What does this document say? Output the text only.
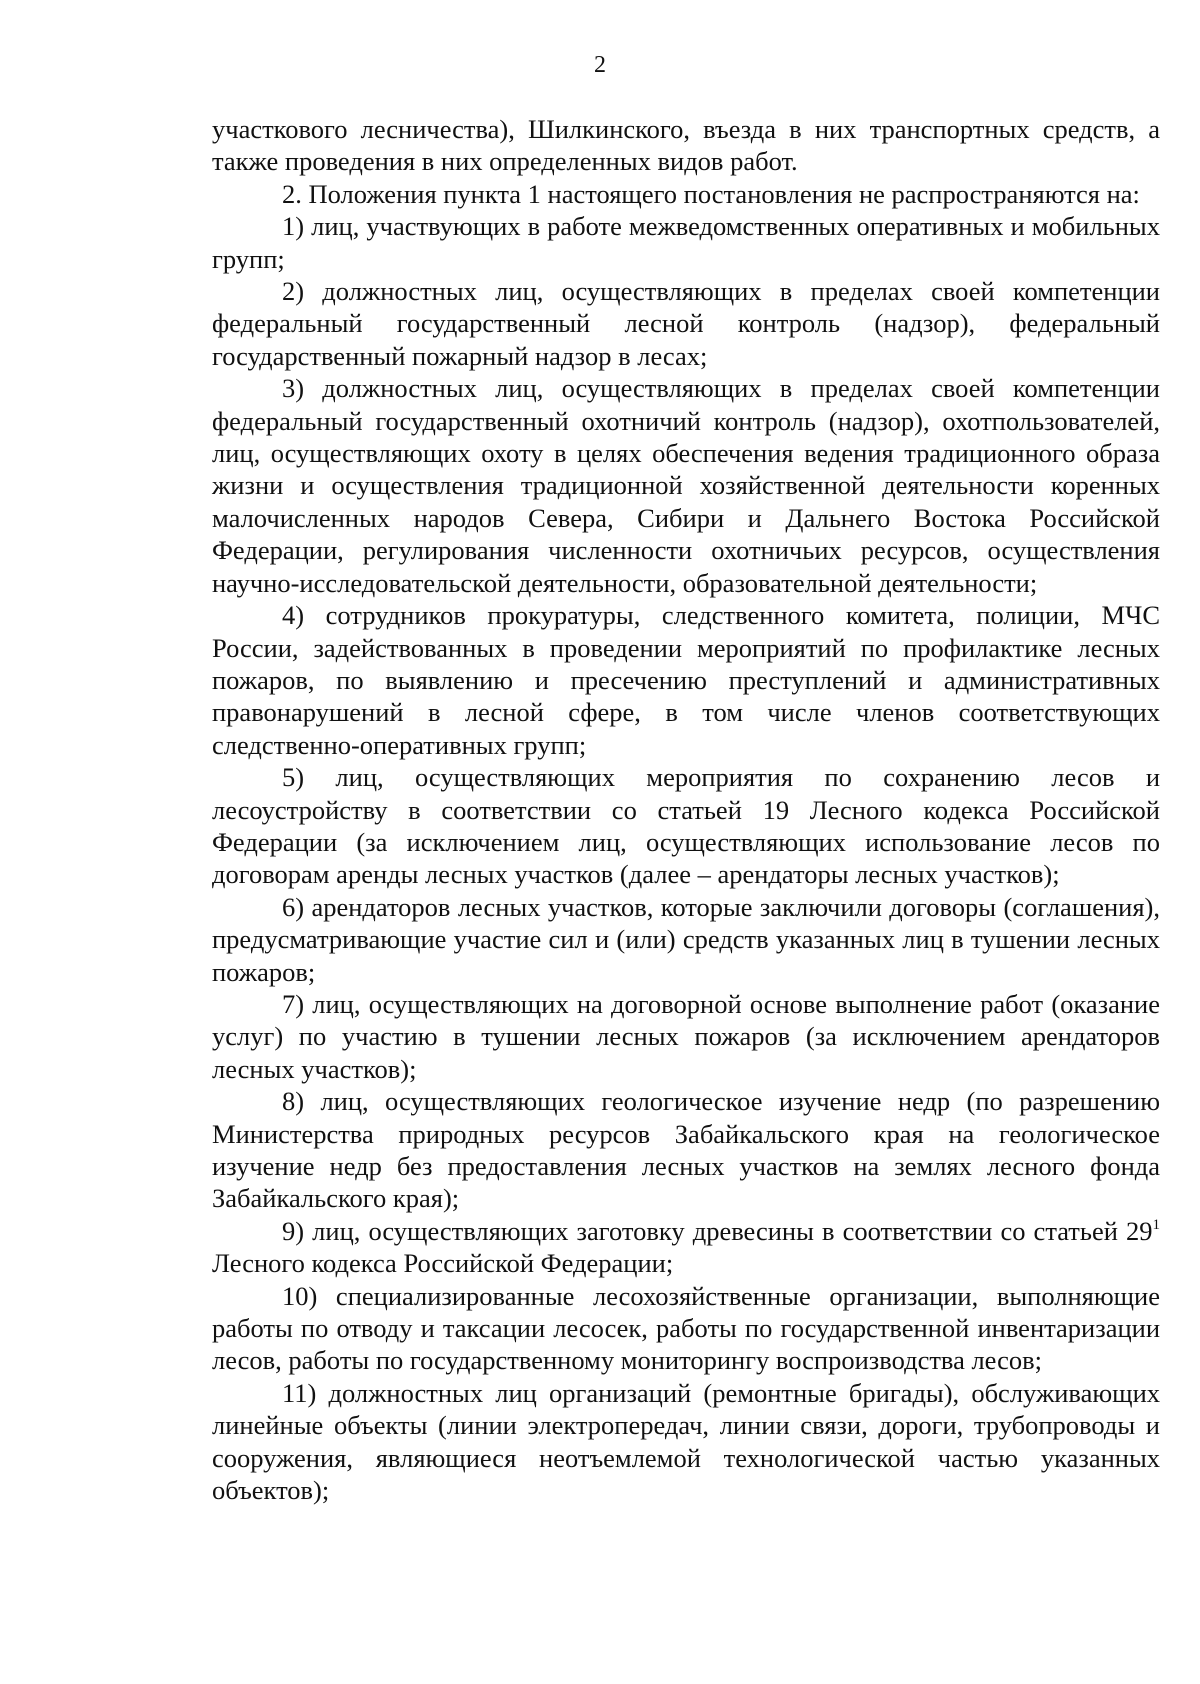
2

участкового лесничества), Шилкинского, въезда в них транспортных средств, а также проведения в них определенных видов работ.

2. Положения пункта 1 настоящего постановления не распространяются на:

1) лиц, участвующих в работе межведомственных оперативных и мобильных групп;

2) должностных лиц, осуществляющих в пределах своей компетенции федеральный государственный лесной контроль (надзор), федеральный государственный пожарный надзор в лесах;

3) должностных лиц, осуществляющих в пределах своей компетенции федеральный государственный охотничий контроль (надзор), охотпользователей, лиц, осуществляющих охоту в целях обеспечения ведения традиционного образа жизни и осуществления традиционной хозяйственной деятельности коренных малочисленных народов Севера, Сибири и Дальнего Востока Российской Федерации, регулирования численности охотничьих ресурсов, осуществления научно-исследовательской деятельности, образовательной деятельности;

4) сотрудников прокуратуры, следственного комитета, полиции, МЧС России, задействованных в проведении мероприятий по профилактике лесных пожаров, по выявлению и пресечению преступлений и административных правонарушений в лесной сфере, в том числе членов соответствующих следственно-оперативных групп;

5) лиц, осуществляющих мероприятия по сохранению лесов и лесоустройству в соответствии со статьей 19 Лесного кодекса Российской Федерации (за исключением лиц, осуществляющих использование лесов по договорам аренды лесных участков (далее – арендаторы лесных участков);

6) арендаторов лесных участков, которые заключили договоры (соглашения), предусматривающие участие сил и (или) средств указанных лиц в тушении лесных пожаров;

7) лиц, осуществляющих на договорной основе выполнение работ (оказание услуг) по участию в тушении лесных пожаров (за исключением арендаторов лесных участков);

8) лиц, осуществляющих геологическое изучение недр (по разрешению Министерства природных ресурсов Забайкальского края на геологическое изучение недр без предоставления лесных участков на землях лесного фонда Забайкальского края);

9) лиц, осуществляющих заготовку древесины в соответствии со статьей $29^1$ Лесного кодекса Российской Федерации;

10) специализированные лесохозяйственные организации, выполняющие работы по отводу и таксации лесосек, работы по государственной инвентаризации лесов, работы по государственному мониторингу воспроизводства лесов;

11) должностных лиц организаций (ремонтные бригады), обслуживающих линейные объекты (линии электропередач, линии связи, дороги, трубопроводы и сооружения, являющиеся неотъемлемой технологической частью указанных объектов);
